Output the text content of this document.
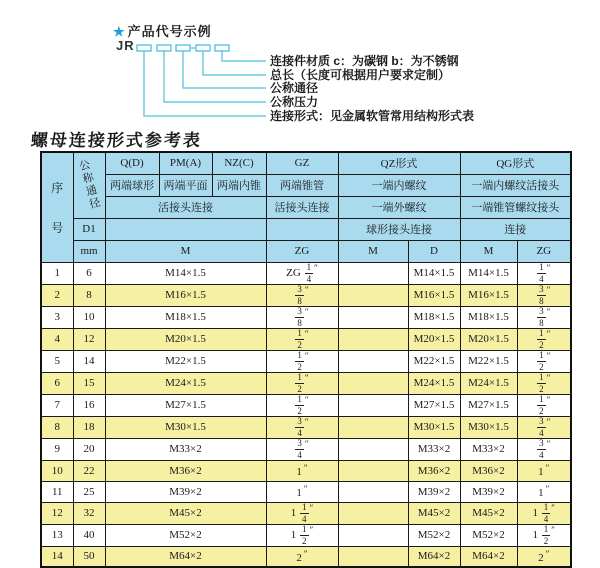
★ 产品代号示例
JR
连接件材质 c：为碳钢 b：为不锈钢
总长（长度可根据用户要求定制）
公称通径
公称压力
连接形式：见金属软管常用结构形式表
螺母连接形式参考表
序
号	公称通径	Q(D)	PM(A)	NZ(C)	GZ	QZ形式		QG形式	
		两端球形	两端平面	两端内锥	两端锥管	一端内螺纹		一端内螺纹活接头	
		活接头连接			活接头连接	一端外螺纹		一端锥管螺纹接头	
	D1					球形接头连接		连接	
	mm	M			ZG	M	D	M	ZG
1	6	M14×1.5			ZG $\frac{1}{4} ''$		M14×1.5	M14×1.5	$\frac{1}{4} ''$
2	8	M16×1.5			$\frac{3}{8} ''$		M16×1.5	M16×1.5	$\frac{3}{8} ''$
3	10	M18×1.5			$\frac{3}{8} ''$		M18×1.5	M18×1.5	$\frac{3}{8} ''$
4	12	M20×1.5			$\frac{1}{2} ''$		M20×1.5	M20×1.5	$\frac{1}{2} ''$
5	14	M22×1.5			$\frac{1}{2} ''$		M22×1.5	M22×1.5	$\frac{1}{2} ''$
6	15	M24×1.5			$\frac{1}{2} ''$		M24×1.5	M24×1.5	$\frac{1}{2} ''$
7	16	M27×1.5			$\frac{1}{2} ''$		M27×1.5	M27×1.5	$\frac{1}{2} ''$
8	18	M30×1.5			$\frac{3}{4} ''$		M30×1.5	M30×1.5	$\frac{3}{4} ''$
9	20	M33×2			$\frac{3}{4} ''$		M33×2	M33×2	$\frac{3}{4} ''$
10	22	M36×2			1 ″		M36×2	M36×2	1 ″
11	25	M39×2			1 ″		M39×2	M39×2	1 ″
12	32	M45×2			$1 \frac{1}{4} ''$		M45×2	M45×2	$1 \frac{1}{4} ''$
13	40	M52×2			$1 \frac{1}{2} ''$		M52×2	M52×2	$1 \frac{1}{2} ''$
14	50	M64×2			2 ″		M64×2	M64×2	2 ″
